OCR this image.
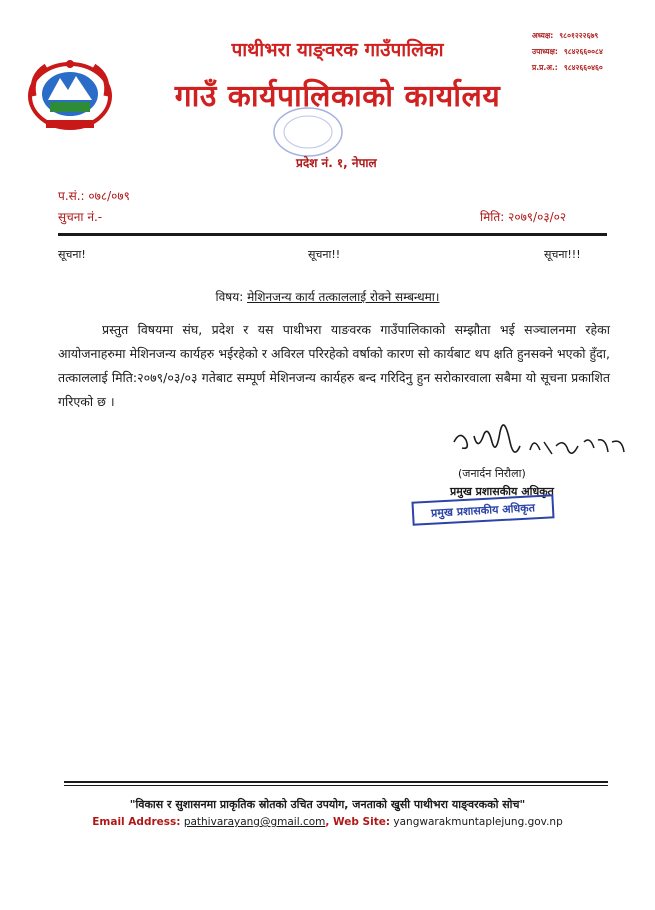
पाथीभरा याङ्वरक गाउँपालिका
गाउँ कार्यपालिकाको कार्यालय
प्रदेश नं. १, नेपाल
अध्यक्ष: ९८०१२२२६७९
उपाध्यक्ष: ९८४२६६००८४
प्र.प्र.अ.: ९८४२६६०४६०
प.सं.: ०७८/०७९
सुचना नं.-	मिति: २०७९/०३/०२
सूचना!	सूचना!!	सूचना!!!
विषय: मेशिनजन्य कार्य तत्काललाई रोक्ने सम्बन्धमा।
प्रस्तुत विषयमा संघ, प्रदेश र यस पाथीभरा याङवरक गाउँपालिकाको सम्झौता भई सञ्चालनमा रहेका आयोजनाहरुमा मेशिनजन्य कार्यहरु भईरहेको र अविरल परिरहेको वर्षाको कारण सो कार्यबाट थप क्षति हुनसक्ने भएको हुँदा, तत्काललाई मिति:२०७९/०३/०३ गतेबाट सम्पूर्ण मेशिनजन्य कार्यहरु बन्द गरिदिनु हुन सरोकारवाला सबैमा यो सूचना प्रकाशित गरिएको छ ।
(जनार्दन निरौला)
प्रमुख प्रशासकीय अधिकृत
प्रमुख प्रशासकीय अधिकृत
"विकास र सुशासनमा प्राकृतिक स्रोतको उचित उपयोग, जनताको खुसी पाथीभरा याङ्वरकको सोच"
Email Address: pathivarayang@gmail.com, Web Site: yangwarakmuntaplejung.gov.np
